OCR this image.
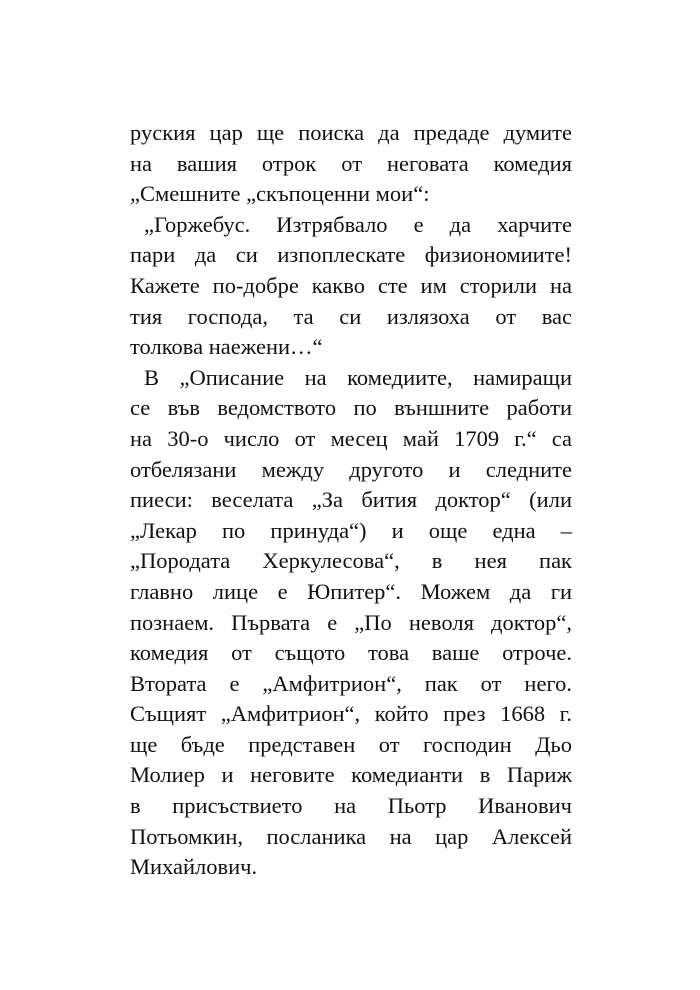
руския цар ще поиска да предаде думите
на вашия отрок от неговата комедия
„Смешните „скъпоценни мои“:
„Горжебус. Изтрябвало е да харчите
пари да си изпоплескате физиономиите!
Кажете по-добре какво сте им сторили на
тия господа, та си излязоха от вас
толкова наежени…“
В „Описание на комедиите, намиращи
се във ведомството по външните работи
на 30-о число от месец май 1709 г.“ са
отбелязани между другото и следните
пиеси: веселата „За бития доктор“ (или
„Лекар по принуда“) и още една –
„Породата Херкулесова“, в нея пак
главно лице е Юпитер“. Можем да ги
познаем. Първата е „По неволя доктор“,
комедия от същото това ваше отроче.
Втората е „Амфитрион“, пак от него.
Същият „Амфитрион“, който през 1668 г.
ще бъде представен от господин Дьо
Молиер и неговите комедианти в Париж
в присъствието на Пьотр Иванович
Потьомкин, посланика на цар Алексей
Михайлович.
